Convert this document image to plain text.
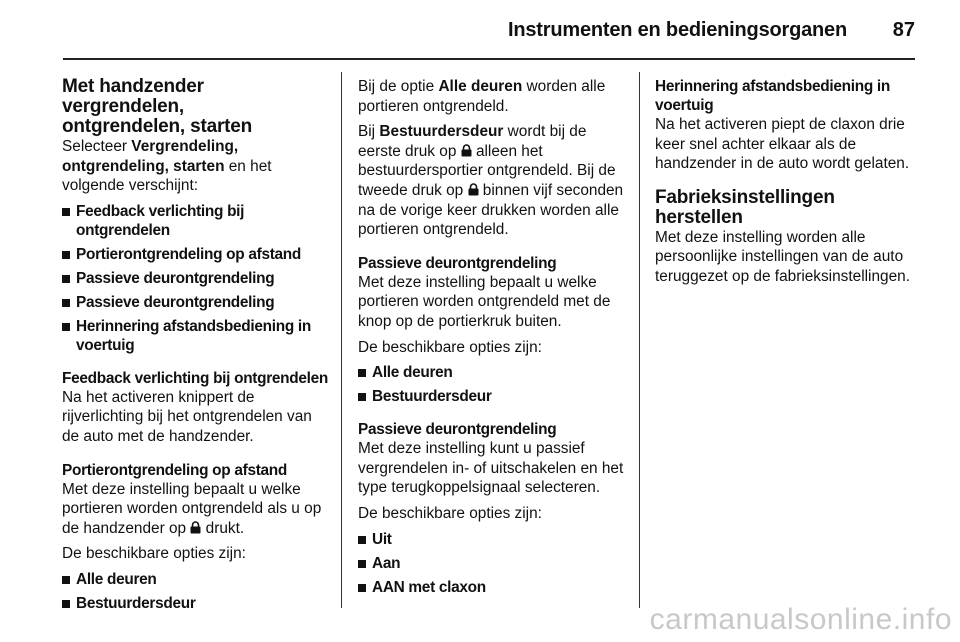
Instrumenten en bedieningsorganen 87
Met handzender vergrendelen,
ontgrendelen, starten

Selecteer Vergrendeling, ontgrendeling, starten en het volgende verschijnt:

Feedback verlichting bij ontgrendelen
Portierontgrendeling op afstand
Passieve deurontgrendeling
Passieve deurontgrendeling
Herinnering afstandsbediening in voertuig
Feedback verlichting bij ontgrendelen

Na het activeren knippert de rijverlichting bij het ontgrendelen van de auto met de handzender.

Portierontgrendeling op afstand

Met deze instelling bepaalt u welke portieren worden ontgrendeld als u op de handzender op  drukt.

De beschikbare opties zijn:

Alle deuren
Bestuurdersdeur

Bij de optie Alle deuren worden alle portieren ontgrendeld.

Bij Bestuurdersdeur wordt bij de eerste druk op  alleen het bestuurdersportier ontgrendeld. Bij de tweede druk op  binnen vijf seconden na de vorige keer drukken worden alle portieren ontgrendeld.

Passieve deurontgrendeling

Met deze instelling bepaalt u welke portieren worden ontgrendeld met de knop op de portierkruk buiten.

De beschikbare opties zijn:

Alle deuren
Bestuurdersdeur
Passieve deurontgrendeling

Met deze instelling kunt u passief vergrendelen in- of uitschakelen en het type terugkoppelsignaal selecteren.

De beschikbare opties zijn:

Uit
Aan
AAN met claxon
Herinnering afstandsbediening in voertuig

Na het activeren piept de claxon drie keer snel achter elkaar als de handzender in de auto wordt gelaten.

Fabrieksinstellingen herstellen

Met deze instelling worden alle persoonlijke instellingen van de auto teruggezet op de fabrieksinstellingen.

carmanualsonline.info
